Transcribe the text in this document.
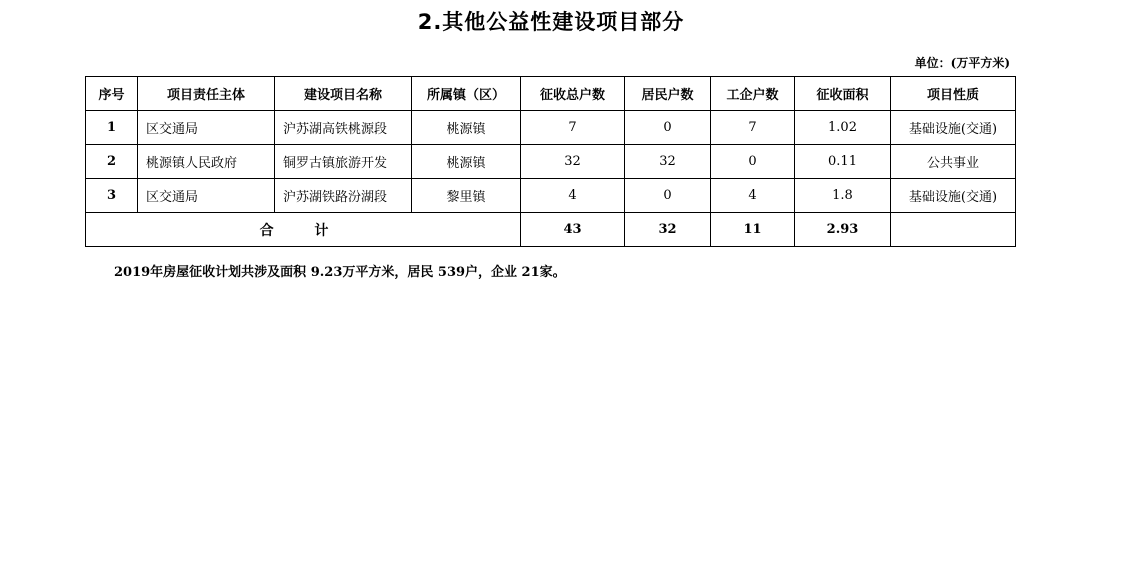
2.其他公益性建设项目部分
单位：(万平方米)
序号	项目责任主体	建设项目名称	所属镇（区）	征收总户数	居民户数	工企户数	征收面积	项目性质
1	区交通局	沪苏湖高铁桃源段	桃源镇	7	0	7	1.02	基础设施(交通)
2	桃源镇人民政府	铜罗古镇旅游开发	桃源镇	32	32	0	0.11	公共事业
3	区交通局	沪苏湖铁路汾湖段	黎里镇	4	0	4	1.8	基础设施(交通)
合 计				43	32	11	2.93	
2019年房屋征收计划共涉及面积 9.23万平方米，居民 539户，企业 21家。
